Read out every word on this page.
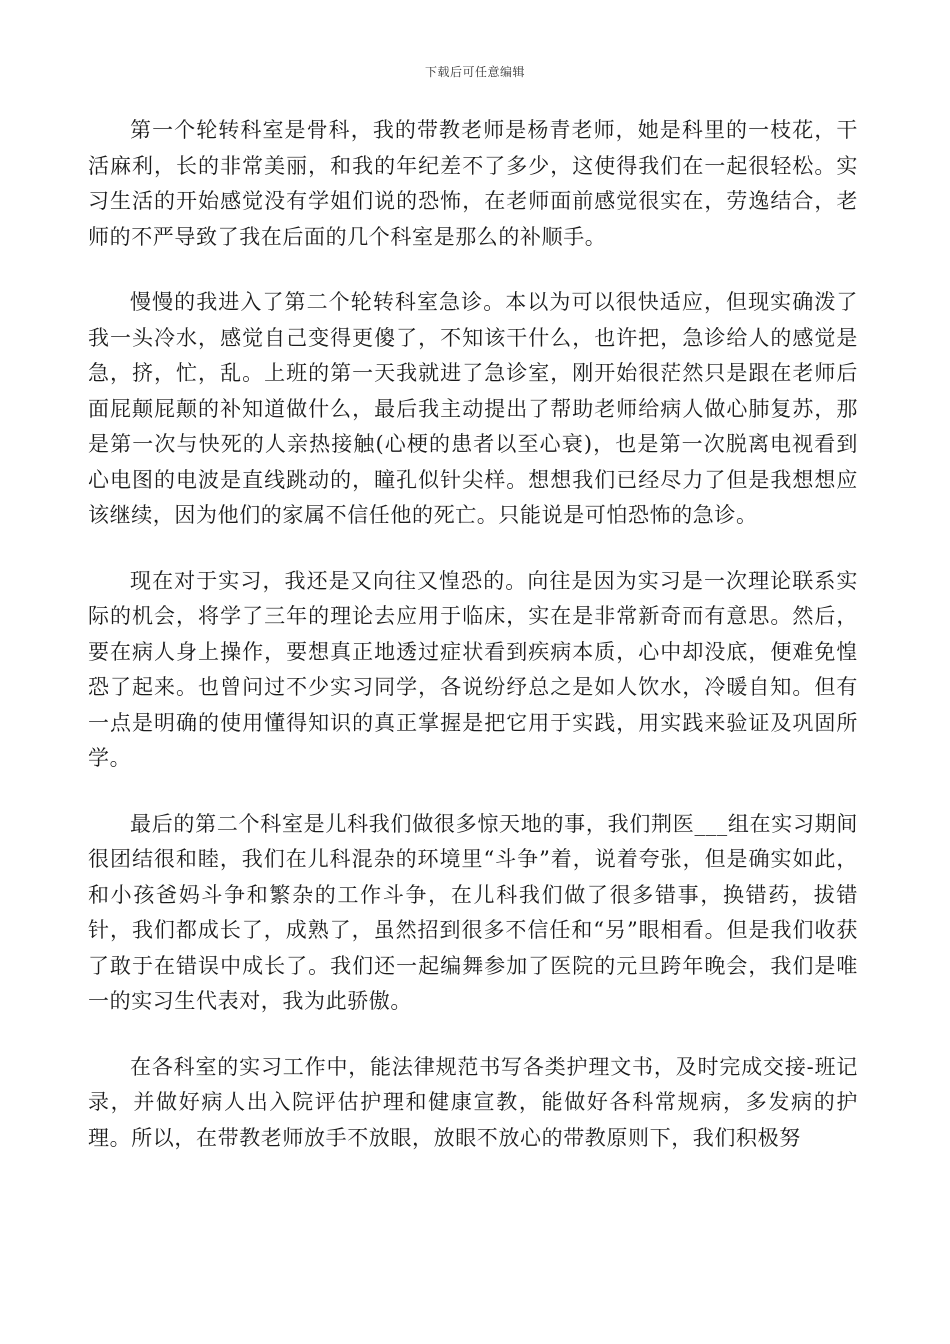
下载后可任意编辑

第一个轮转科室是骨科，我的带教老师是杨青老师，她是科里的一枝花，干活麻利，长的非常美丽，和我的年纪差不了多少，这使得我们在一起很轻松。实习生活的开始感觉没有学姐们说的恐怖，在老师面前感觉很实在，劳逸结合，老师的不严导致了我在后面的几个科室是那么的补顺手。

慢慢的我进入了第二个轮转科室急诊。本以为可以很快适应，但现实确泼了我一头冷水，感觉自己变得更傻了，不知该干什么，也许把，急诊给人的感觉是急，挤，忙，乱。上班的第一天我就进了急诊室，刚开始很茫然只是跟在老师后面屁颠屁颠的补知道做什么，最后我主动提出了帮助老师给病人做心肺复苏，那是第一次与快死的人亲热接触(心梗的患者以至心衰)，也是第一次脱离电视看到心电图的电波是直线跳动的，瞳孔似针尖样。想想我们已经尽力了但是我想想应该继续，因为他们的家属不信任他的死亡。只能说是可怕恐怖的急诊。

现在对于实习，我还是又向往又惶恐的。向往是因为实习是一次理论联系实际的机会，将学了三年的理论去应用于临床，实在是非常新奇而有意思。然后，要在病人身上操作，要想真正地透过症状看到疾病本质，心中却没底，便难免惶恐了起来。也曾问过不少实习同学，各说纷纾总之是如人饮水，冷暖自知。但有一点是明确的使用懂得知识的真正掌握是把它用于实践，用实践来验证及巩固所学。

最后的第二个科室是儿科我们做很多惊天地的事，我们荆医___组在实习期间很团结很和睦，我们在儿科混杂的环境里“斗争”着，说着夸张，但是确实如此，和小孩爸妈斗争和繁杂的工作斗争，在儿科我们做了很多错事，换错药，拔错针，我们都成长了，成熟了，虽然招到很多不信任和“另”眼相看。但是我们收获了敢于在错误中成长了。我们还一起编舞参加了医院的元旦跨年晚会，我们是唯一的实习生代表对，我为此骄傲。

在各科室的实习工作中，能法律规范书写各类护理文书，及时完成交接-班记录，并做好病人出入院评估护理和健康宣教，能做好各科常规病，多发病的护理。所以，在带教老师放手不放眼，放眼不放心的带教原则下，我们积极努
